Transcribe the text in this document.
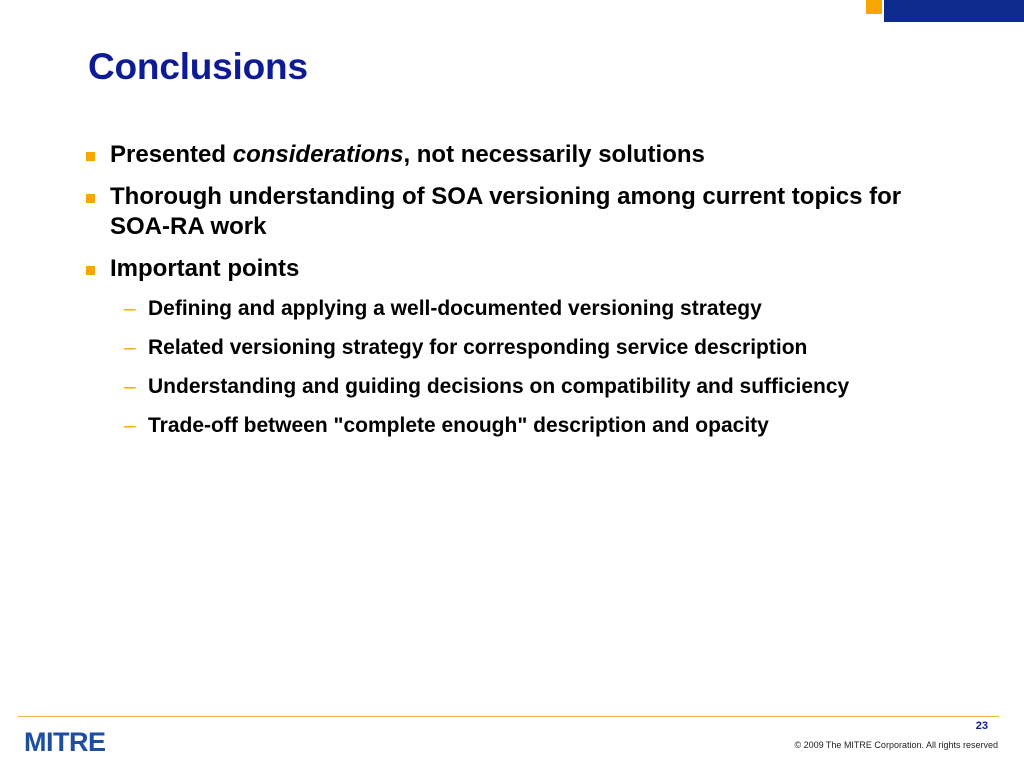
Conclusions
Presented considerations, not necessarily solutions
Thorough understanding of SOA versioning among current topics for SOA-RA work
Important points
– Defining and applying a well-documented versioning strategy
– Related versioning strategy for corresponding service description
– Understanding and guiding decisions on compatibility and sufficiency
– Trade-off between "complete enough" description and opacity
MITRE
23
© 2009 The MITRE Corporation. All rights reserved
